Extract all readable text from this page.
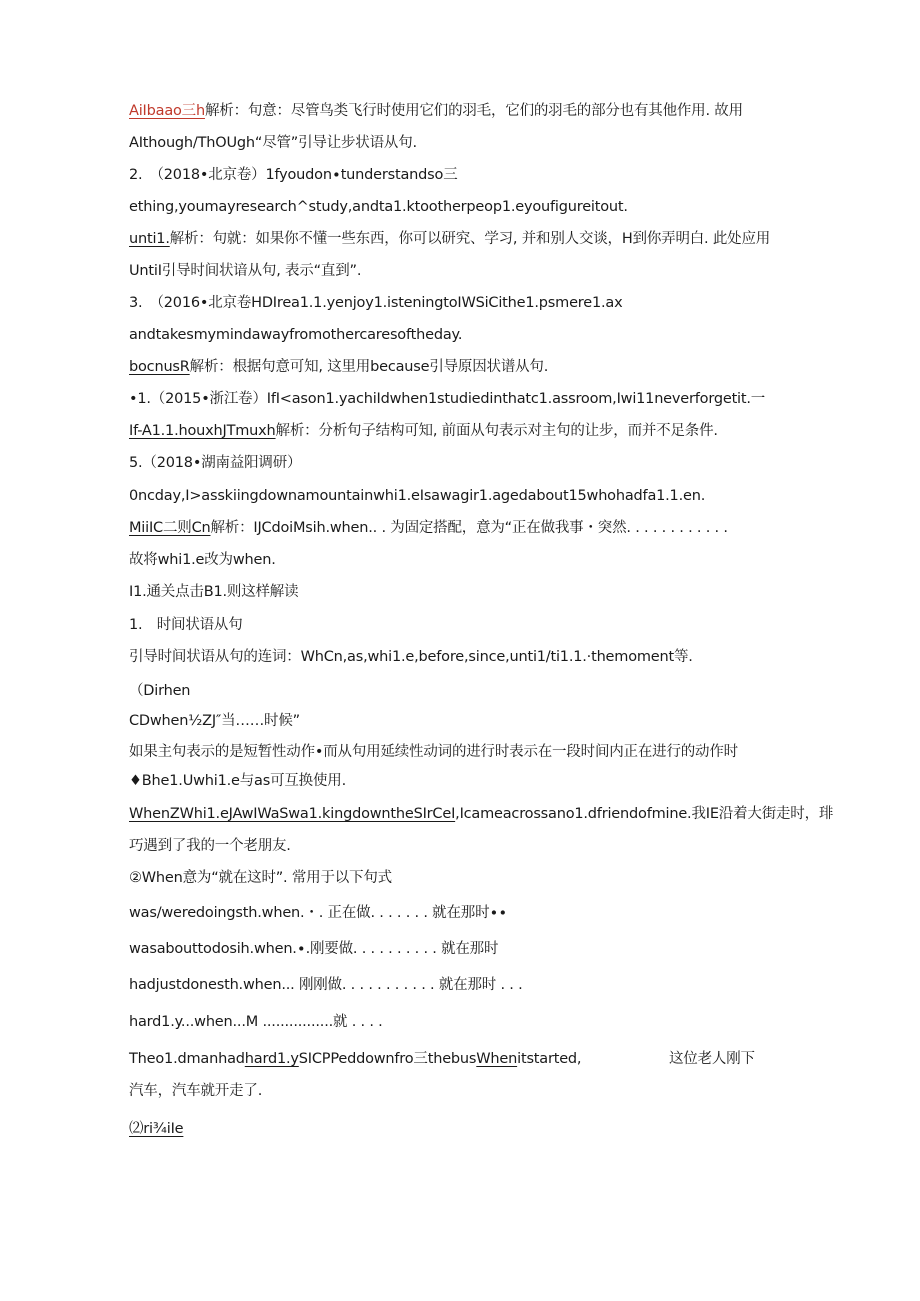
AiIbaao三h解析：句意：尽管鸟类飞行时使用它们的羽毛，它们的羽毛的部分也有其他作用. 故用
AIthough/ThOUgh“尽管”引导让步状语从句.
2.　（2018•北京卷）1fyoudon∙tunderstandso三
ething,youmayresearch^study,andta1.ktootherpeop1.eyoufigureitout.
unti1.解析：句就：如果你不懂一些东西，你可以研究、学习, 并和别人交谈，H到你弄明白. 此处应用
UntiI引导时间状谙从句, 表示“直到”.
3.　（2016•北京卷HDIrea1.1.yenjoy1.isteningtoIWSiCithe1.psmere1.ax
andtakesmymindawayfromothercaresoftheday.
bocnusR解析：根据句意可知, 这里用because引导原因状谱从句.
•1.（2015•浙江卷）IfI<ason1.yachiIdwhen1studiedinthatc1.assroom,Iwi11neverforgetit.一
If-A1.1.houxhJTmuxh解析：分析句子结构可知, 前面从句表示对主句的让步，而并不足条件.
5.（2018•湖南益阳调研）
0ncday,I>asskiingdownamountainwhi1.eIsawagir1.agedabout15whohadfa1.1.en.
MiiIC二则Cn解析：IJCdoiMsih.when.. . 为固定搭配，意为“正在做我事・突然. . . . . . . . . . . .
故将whi1.e改为when.
I1.通关点击B1.则这样解读
1.　时间状语从句
引导时间状语从句的连词：WhCn,as,whi1.e,before,since,unti1∕ti1.1.·themoment等.
（Dirhen
CDwhen½ZJ″当……时候”
如果主句表示的是短暂性动作•而从句用延续性动词的进行时表示在一段时间内正在进行的动作时
♦Bhe1.Uwhi1.e与as可互换使用.
WhenZWhi1.eJAwIWaSwa1.kingdowntheSIrCeI,Icameacrossano1.dfriendofmine.我IE沿着大街走时，琲
巧遇到了我的一个老朋友.
②When意为“就在这时”. 常用于以下句式
was/weredoingsth.when.・. 正在做. . . . . . . 就在那时∙∙
wasabouttodosih.when.∙.刚要做. . . . . . . . . . 就在那时
hadjustdonesth.when... 刚刚做. . . . . . . . . . . 就在那时 . . .
hard1.y...when...M ................就 . . . .
Theo1.dmanhadhard1.ySICPPeddownfro三thebusWhenitstarted,	这位老人刚下
汽车，汽车就开走了.
⑵ri¾iIe
